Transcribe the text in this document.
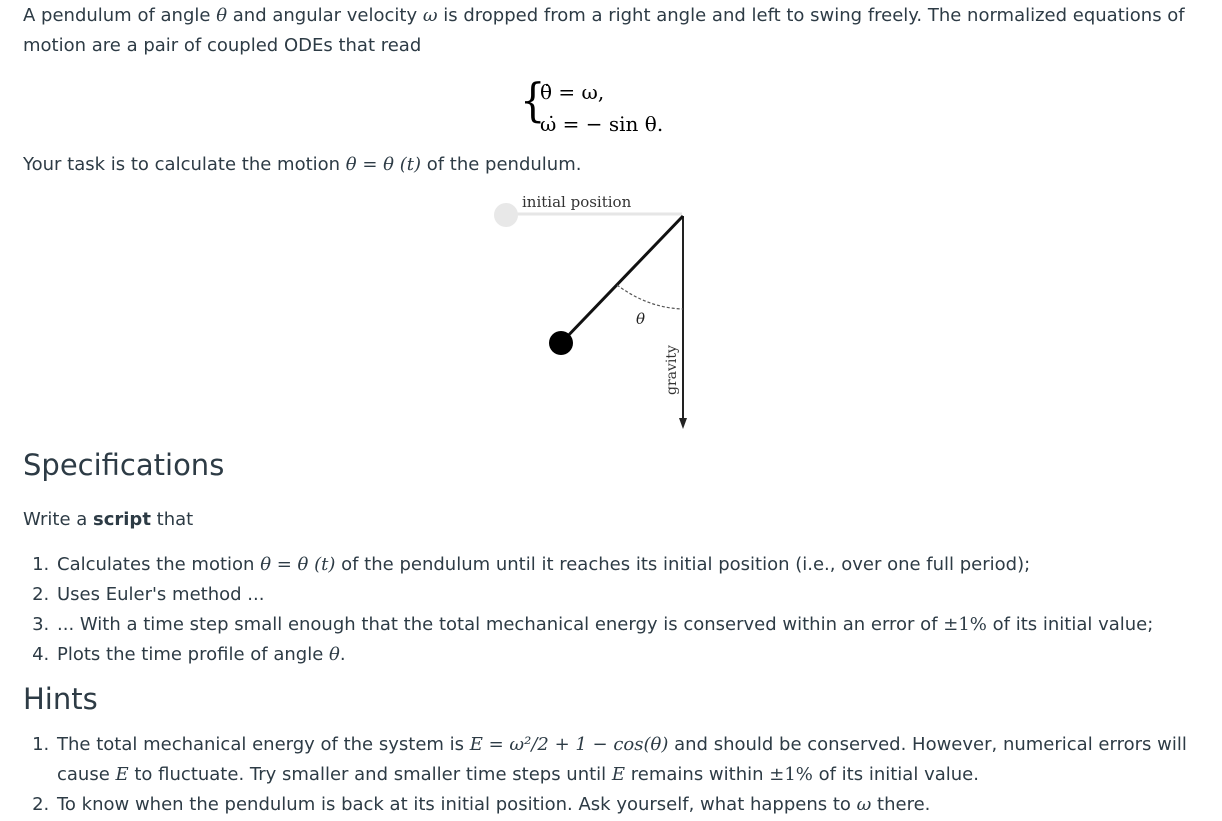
A pendulum of angle θ and angular velocity ω is dropped from a right angle and left to swing freely. The normalized equations of motion are a pair of coupled ODEs that read

{
θ̇ = ω,
ω̇ = − sin θ.

Your task is to calculate the motion θ = θ (t) of the pendulum.

initial position
θ
gravity
Specifications

Write a script that

1. Calculates the motion θ = θ (t) of the pendulum until it reaches its initial position (i.e., over one full period);
2. Uses Euler's method ...
3. ... With a time step small enough that the total mechanical energy is conserved within an error of ±1% of its initial value;
4. Plots the time profile of angle θ.
Hints
1. The total mechanical energy of the system is E = ω²/2 + 1 − cos(θ) and should be conserved. However, numerical errors will cause E to fluctuate. Try smaller and smaller time steps until E remains within ±1% of its initial value.
2. To know when the pendulum is back at its initial position. Ask yourself, what happens to ω there.
